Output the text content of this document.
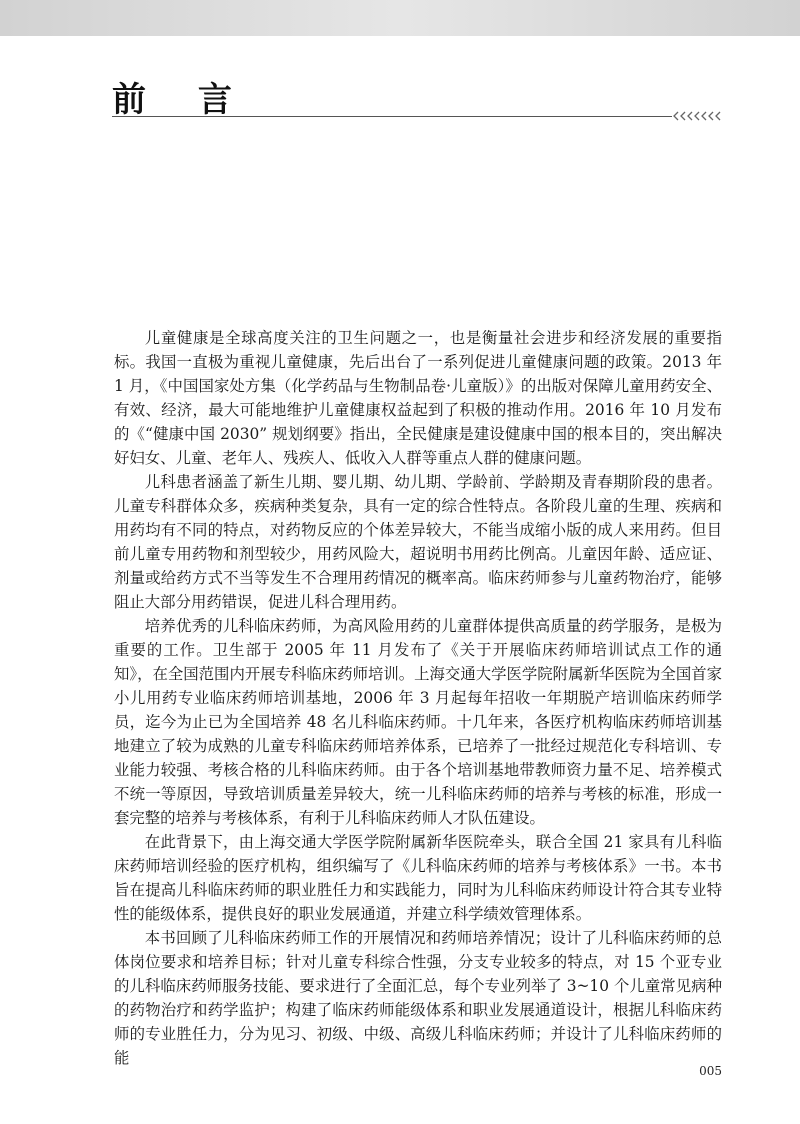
前 言

儿童健康是全球高度关注的卫生问题之一，也是衡量社会进步和经济发展的重要指标。我国一直极为重视儿童健康，先后出台了一系列促进儿童健康问题的政策。2013 年 1 月，《中国国家处方集（化学药品与生物制品卷·儿童版）》的出版对保障儿童用药安全、有效、经济，最大可能地维护儿童健康权益起到了积极的推动作用。2016 年 10 月发布的《“健康中国 2030” 规划纲要》指出，全民健康是建设健康中国的根本目的，突出解决好妇女、儿童、老年人、残疾人、低收入人群等重点人群的健康问题。

儿科患者涵盖了新生儿期、婴儿期、幼儿期、学龄前、学龄期及青春期阶段的患者。儿童专科群体众多，疾病种类复杂，具有一定的综合性特点。各阶段儿童的生理、疾病和用药均有不同的特点，对药物反应的个体差异较大，不能当成缩小版的成人来用药。但目前儿童专用药物和剂型较少，用药风险大，超说明书用药比例高。儿童因年龄、适应证、剂量或给药方式不当等发生不合理用药情况的概率高。临床药师参与儿童药物治疗，能够阻止大部分用药错误，促进儿科合理用药。

培养优秀的儿科临床药师，为高风险用药的儿童群体提供高质量的药学服务，是极为重要的工作。卫生部于 2005 年 11 月发布了《关于开展临床药师培训试点工作的通知》，在全国范围内开展专科临床药师培训。上海交通大学医学院附属新华医院为全国首家小儿用药专业临床药师培训基地，2006 年 3 月起每年招收一年期脱产培训临床药师学员，迄今为止已为全国培养 48 名儿科临床药师。十几年来，各医疗机构临床药师培训基地建立了较为成熟的儿童专科临床药师培养体系，已培养了一批经过规范化专科培训、专业能力较强、考核合格的儿科临床药师。由于各个培训基地带教师资力量不足、培养模式不统一等原因，导致培训质量差异较大，统一儿科临床药师的培养与考核的标准，形成一套完整的培养与考核体系，有利于儿科临床药师人才队伍建设。

在此背景下，由上海交通大学医学院附属新华医院牵头，联合全国 21 家具有儿科临床药师培训经验的医疗机构，组织编写了《儿科临床药师的培养与考核体系》一书。本书旨在提高儿科临床药师的职业胜任力和实践能力，同时为儿科临床药师设计符合其专业特性的能级体系，提供良好的职业发展通道，并建立科学绩效管理体系。

本书回顾了儿科临床药师工作的开展情况和药师培养情况；设计了儿科临床药师的总体岗位要求和培养目标；针对儿童专科综合性强，分支专业较多的特点，对 15 个亚专业的儿科临床药师服务技能、要求进行了全面汇总，每个专业列举了 3~10 个儿童常见病种的药物治疗和药学监护；构建了临床药师能级体系和职业发展通道设计，根据儿科临床药师的专业胜任力，分为见习、初级、中级、高级儿科临床药师；并设计了儿科临床药师的能

005
